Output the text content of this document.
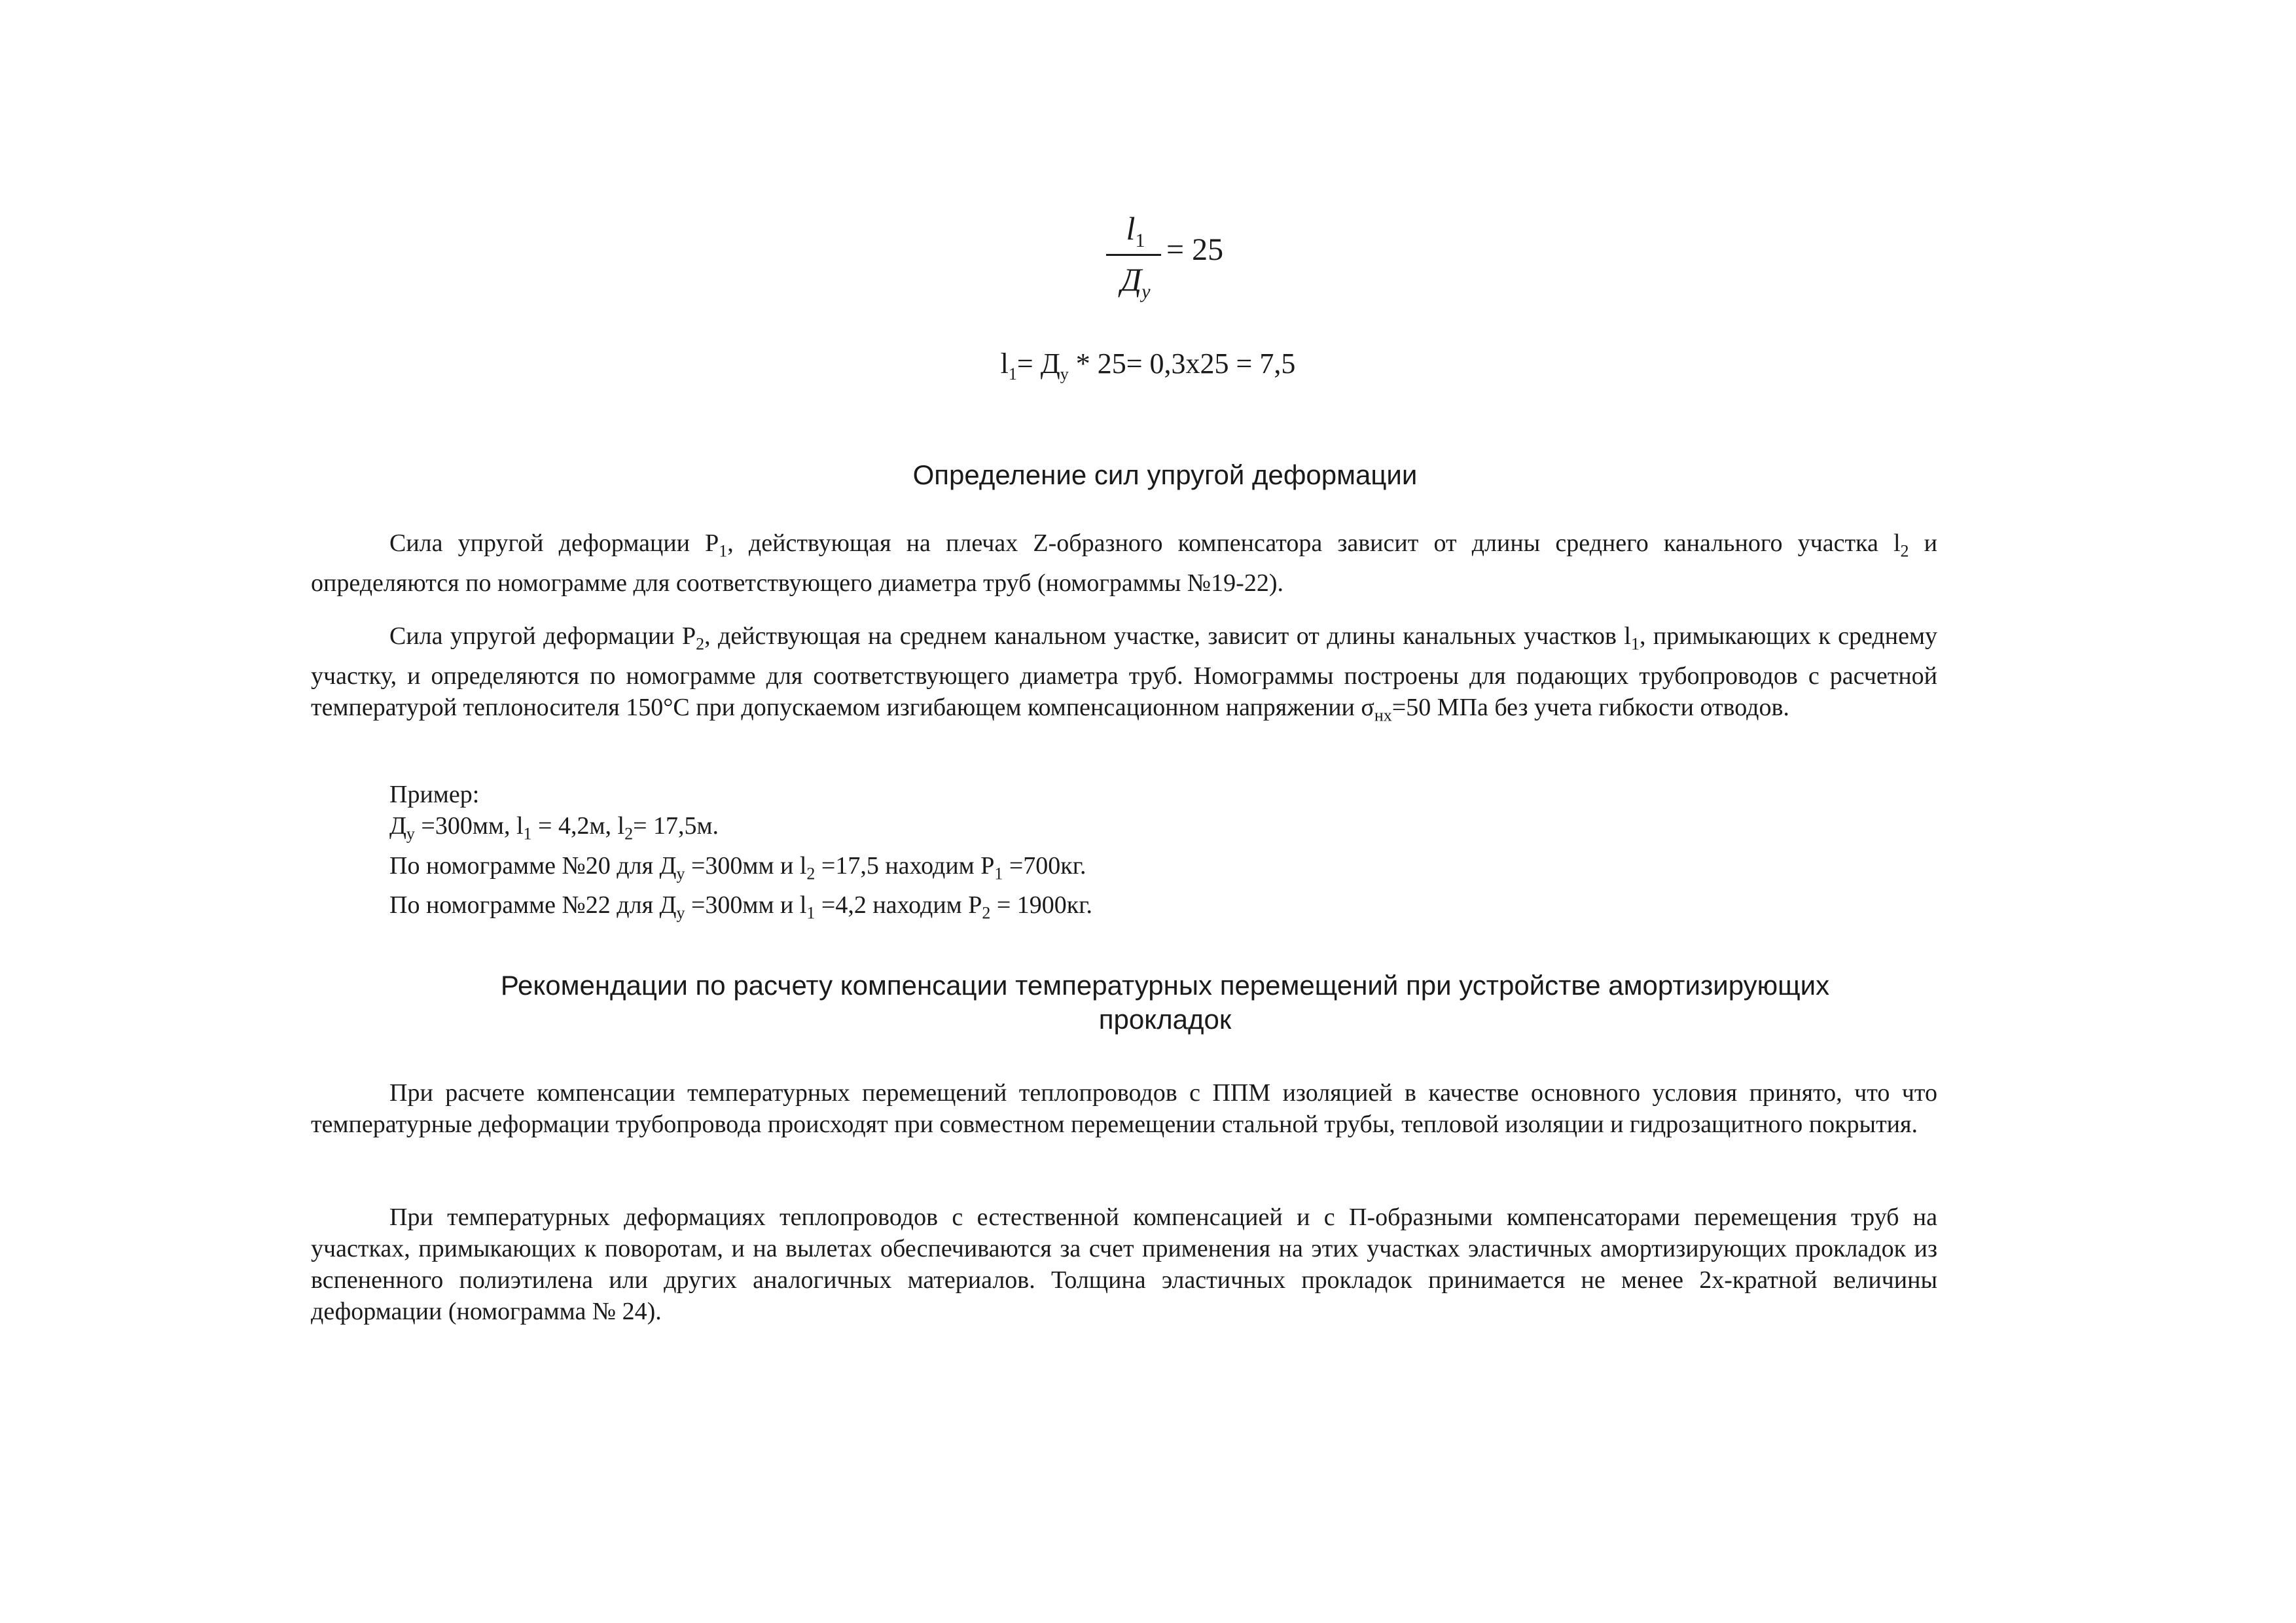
$l_1$
$Д_у$
= 25
$l_1= Д_у * 25= 0,3х25 = 7,5$
Определение сил упругой деформации

Сила упругой деформации $Р_1$, действующая на плечах Z-образного компенсатора зависит от длины среднего канального участка $l_2$ и определяются по номограмме для соответствующего диаметра труб (номограммы №19-22).

Сила упругой деформации $Р_2$, действующая на среднем канальном участке, зависит от длины канальных участков $l_1$, примыкающих к среднему участку, и определяются по номограмме для соответствующего диаметра труб. Номограммы построены для подающих трубопроводов с расчетной температурой теплоносителя 150°С при допускаемом изгибающем компенсационном напряжении $\sigma_{нх}=50$ МПа без учета гибкости отводов.

Пример:
$Д_у =300мм$, $l_1 = 4,2м$, $l_2= 17,5м$.
По номограмме №20 для $Д_у =300мм$ и $l_2 =17,5$ находим $Р_1 =700кг$.
По номограмме №22 для $Д_у =300мм$ и $l_1 =4,2$ находим $Р_2 = 1900кг$.
Рекомендации по расчету компенсации температурных перемещений при устройстве амортизирующих прокладок

При расчете компенсации температурных перемещений теплопроводов с ППМ изоляцией в качестве основного условия принято, что что температурные деформации трубопровода происходят при совместном перемещении стальной трубы, тепловой изоляции и гидрозащитного покрытия.

При температурных деформациях теплопроводов с естественной компенсацией и с П-образными компенсаторами перемещения труб на участках, примыкающих к поворотам, и на вылетах обеспечиваются за счет применения на этих участках эластичных амортизирующих прокладок из вспененного полиэтилена или других аналогичных материалов. Толщина эластичных прокладок принимается не менее 2х-кратной величины деформации (номограмма № 24).
